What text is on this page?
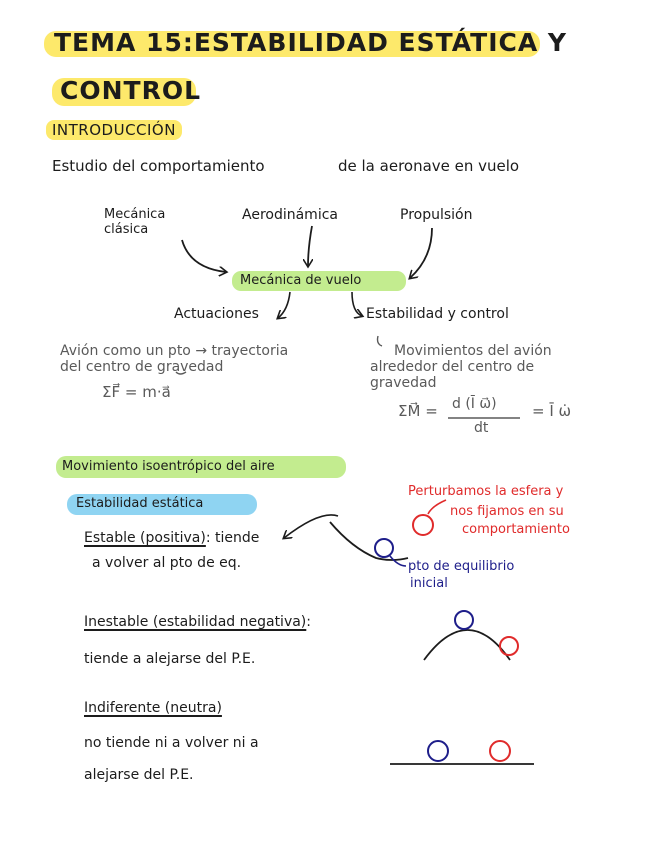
TEMA 15:ESTABILIDAD ESTÁTICA Y
CONTROL
INTRODUCCIÓN
Estudio del comportamiento	de la aeronave en vuelo
Mecánica
clásica
Aerodinámica	Propulsión
Mecánica de vuelo
Actuaciones	Estabilidad y control
Avión como un pto → trayectoria
del centro de gravedad
ΣF⃗ = m·a⃗
Movimientos del avión
alrededor del centro de
gravedad
ΣM⃗ = d (Ī ω⃗)
dt
= Ī ω̇
Movimiento isoentrópico del aire
Estabilidad estática
Estable (positiva): tiende
a volver al pto de eq.
Perturbamos la esfera y
nos fijamos en su
comportamiento
pto de equilibrio
inicial
Inestable (estabilidad negativa):
tiende a alejarse del P.E.
Indiferente (neutra)
no tiende ni a volver ni a
alejarse del P.E.
